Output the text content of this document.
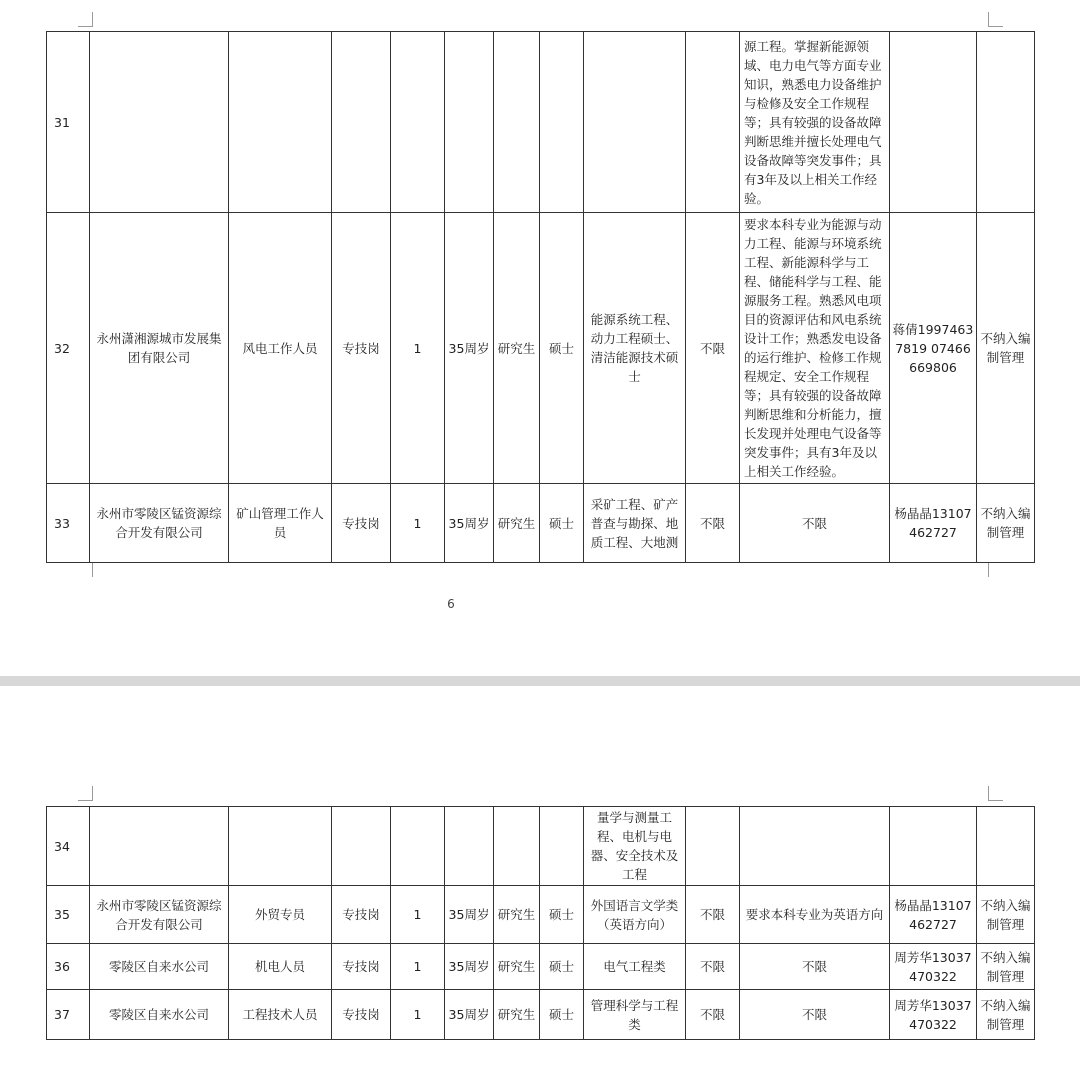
31										源工程。掌握新能源领域、电力电气等方面专业知识，熟悉电力设备维护与检修及安全工作规程等；具有较强的设备故障判断思维并擅长处理电气设备故障等突发事件；具有3年及以上相关工作经验。		
32	永州潇湘源城市发展集团有限公司	风电工作人员	专技岗	1	35周岁	研究生	硕士	能源系统工程、动力工程硕士、清洁能源技术硕士	不限	要求本科专业为能源与动力工程、能源与环境系统工程、新能源科学与工程、储能科学与工程、能源服务工程。熟悉风电项目的资源评估和风电系统设计工作；熟悉发电设备的运行维护、检修工作规程规定、安全工作规程等；具有较强的设备故障判断思维和分析能力，擅长发现并处理电气设备等突发事件；具有3年及以上相关工作经验。	蒋倩19974637819 07466669806	不纳入编制管理
33	永州市零陵区锰资源综合开发有限公司	矿山管理工作人员	专技岗	1	35周岁	研究生	硕士	采矿工程、矿产普查与勘探、地质工程、大地测	不限	不限	杨晶晶13107462727	不纳入编制管理
6
34								量学与测量工程、电机与电器、安全技术及工程				
35	永州市零陵区锰资源综合开发有限公司	外贸专员	专技岗	1	35周岁	研究生	硕士	外国语言文学类（英语方向）	不限	要求本科专业为英语方向	杨晶晶13107462727	不纳入编制管理
36	零陵区自来水公司	机电人员	专技岗	1	35周岁	研究生	硕士	电气工程类	不限	不限	周芳华13037470322	不纳入编制管理
37	零陵区自来水公司	工程技术人员	专技岗	1	35周岁	研究生	硕士	管理科学与工程类	不限	不限	周芳华13037470322	不纳入编制管理
